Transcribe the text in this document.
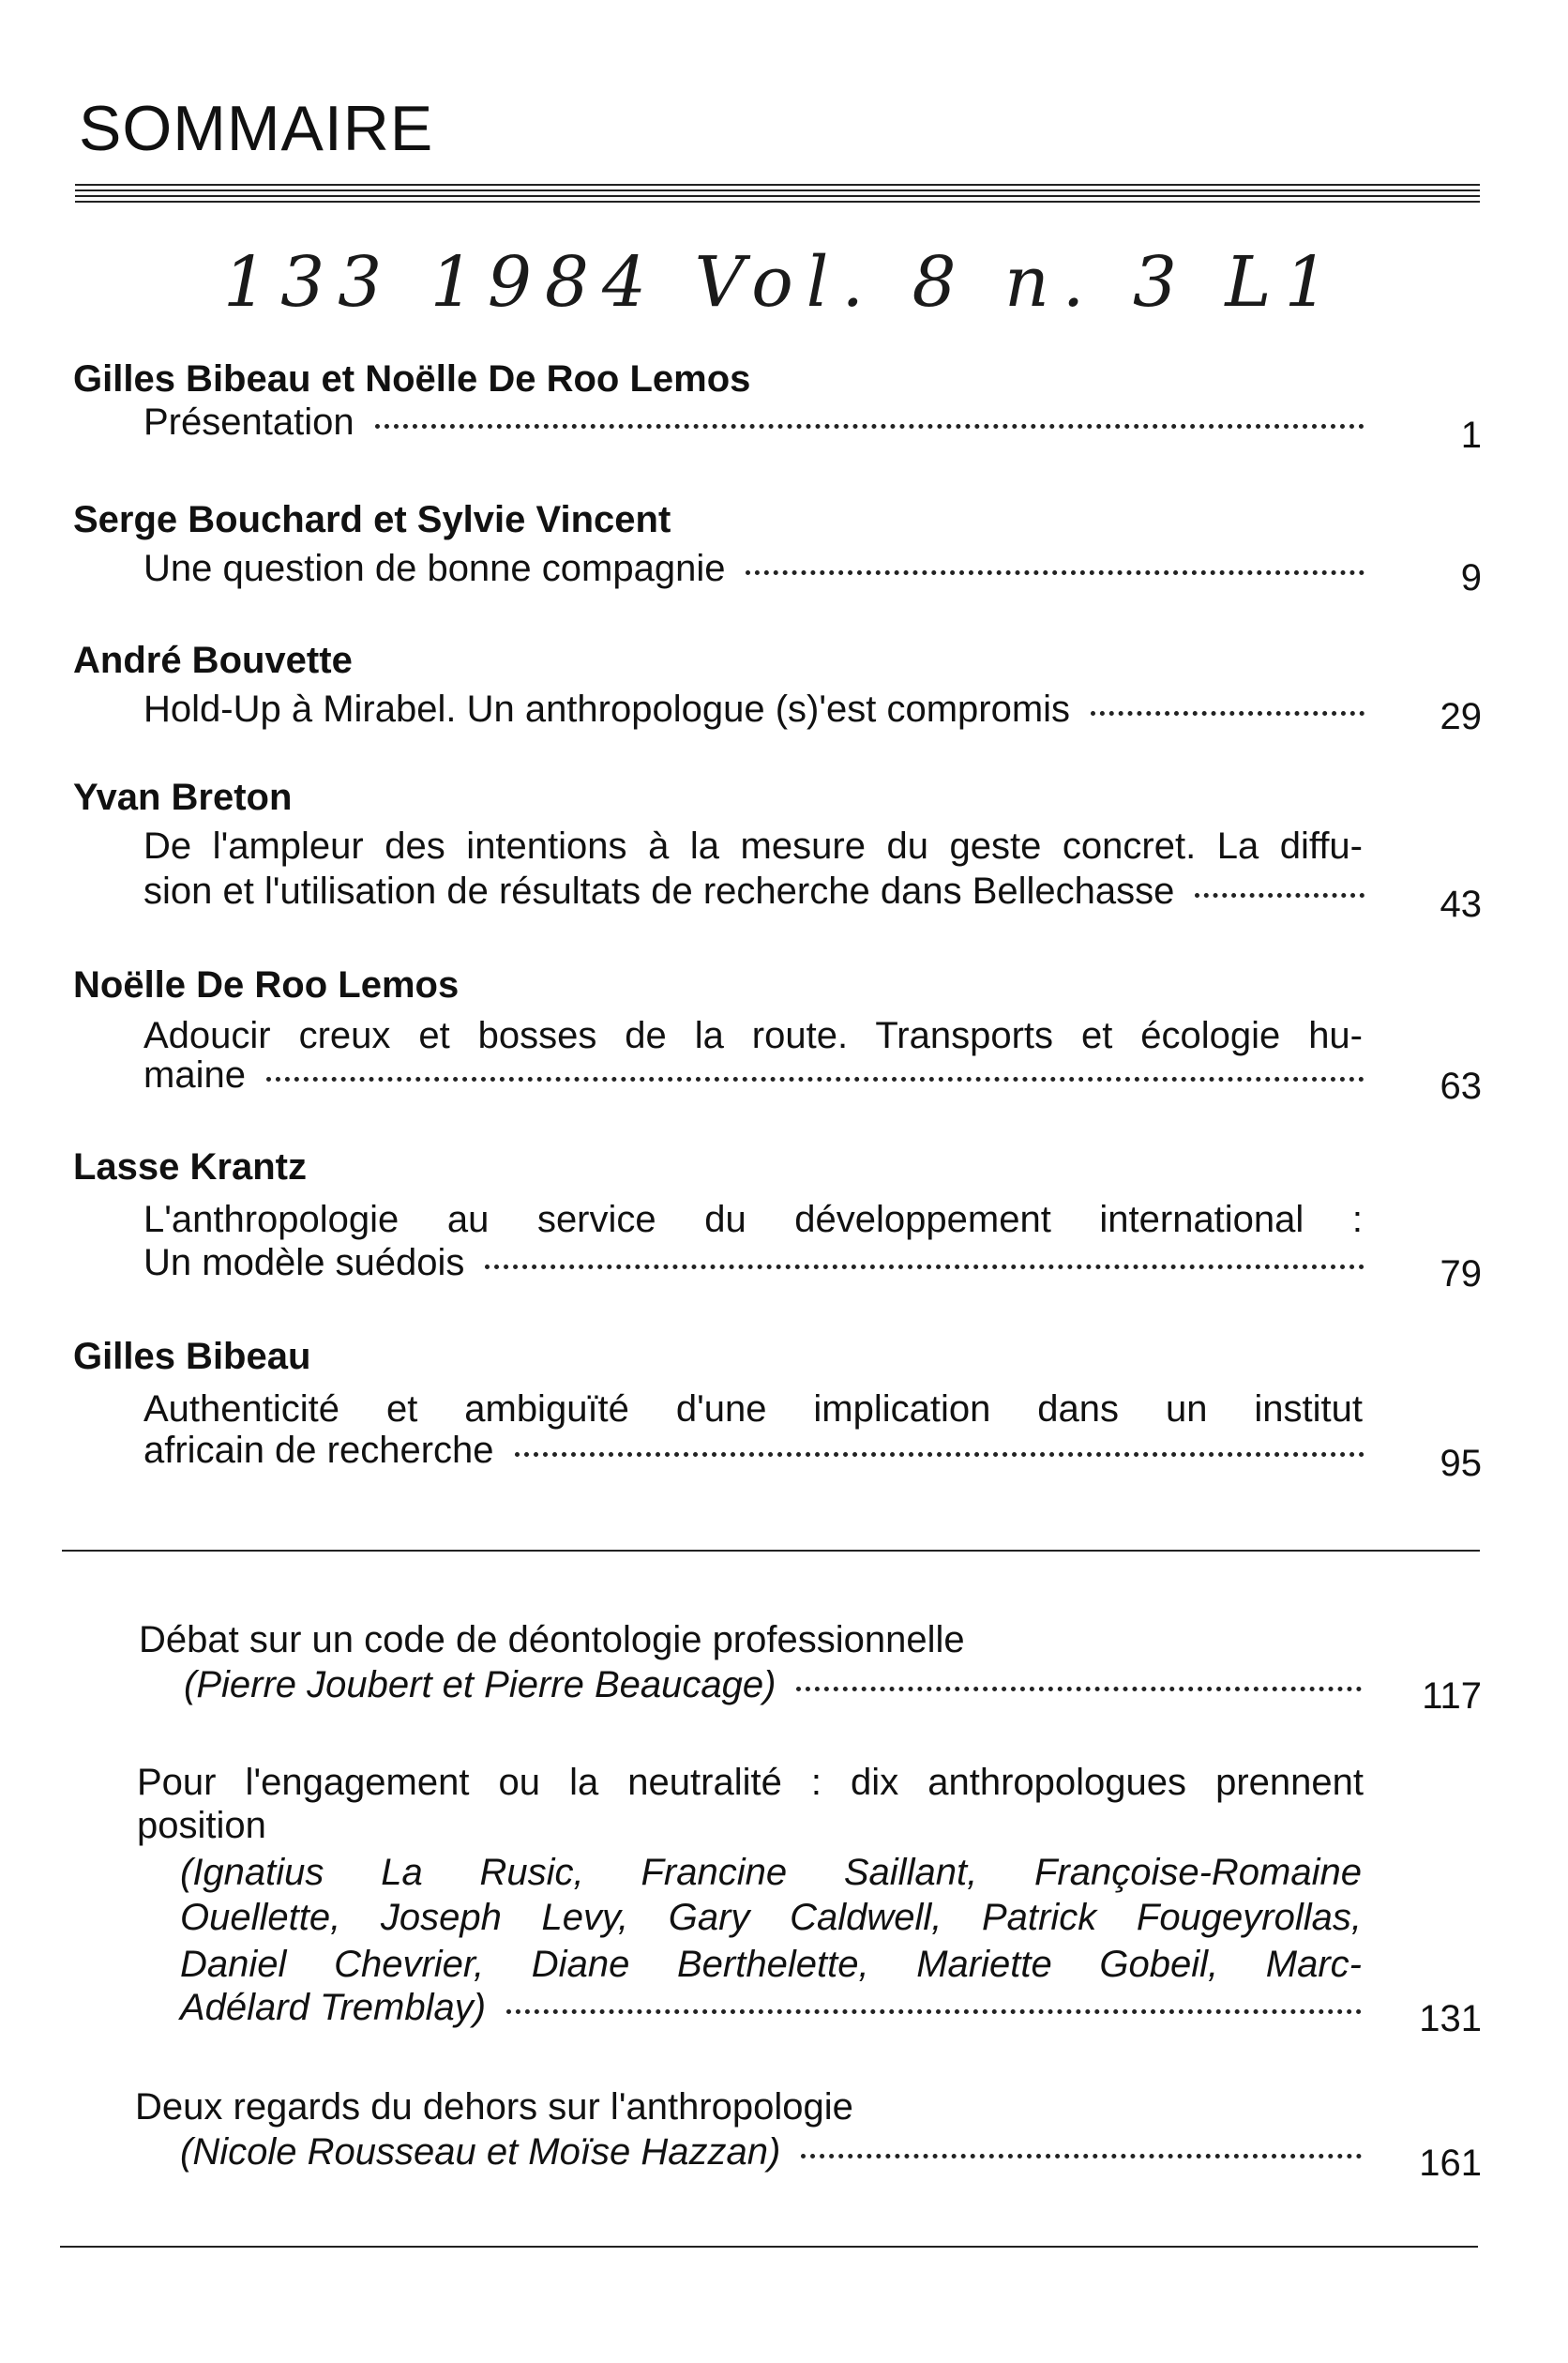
SOMMAIRE
133 1984 Vol. 8 n. 3 L1
Gilles Bibeau et Noëlle De Roo Lemos
Présentation	1
Serge Bouchard et Sylvie Vincent
Une question de bonne compagnie	9
André Bouvette
Hold-Up à Mirabel. Un anthropologue (s)'est compromis	29
Yvan Breton
De l'ampleur des intentions à la mesure du geste concret. La diffu-
sion et l'utilisation de résultats de recherche dans Bellechasse	43
Noëlle De Roo Lemos
Adoucir creux et bosses de la route. Transports et écologie hu-
maine	63
Lasse Krantz
L'anthropologie au service du développement international :
Un modèle suédois	79
Gilles Bibeau
Authenticité et ambiguïté d'une implication dans un institut
africain de recherche	95
Débat sur un code de déontologie professionnelle
(Pierre Joubert et Pierre Beaucage)	117
Pour l'engagement ou la neutralité : dix anthropologues prennent
position
(Ignatius La Rusic, Francine Saillant, Françoise-Romaine
Ouellette, Joseph Levy, Gary Caldwell, Patrick Fougeyrollas,
Daniel Chevrier, Diane Berthelette, Mariette Gobeil, Marc-
Adélard Tremblay)	131
Deux regards du dehors sur l'anthropologie
(Nicole Rousseau et Moïse Hazzan)	161
